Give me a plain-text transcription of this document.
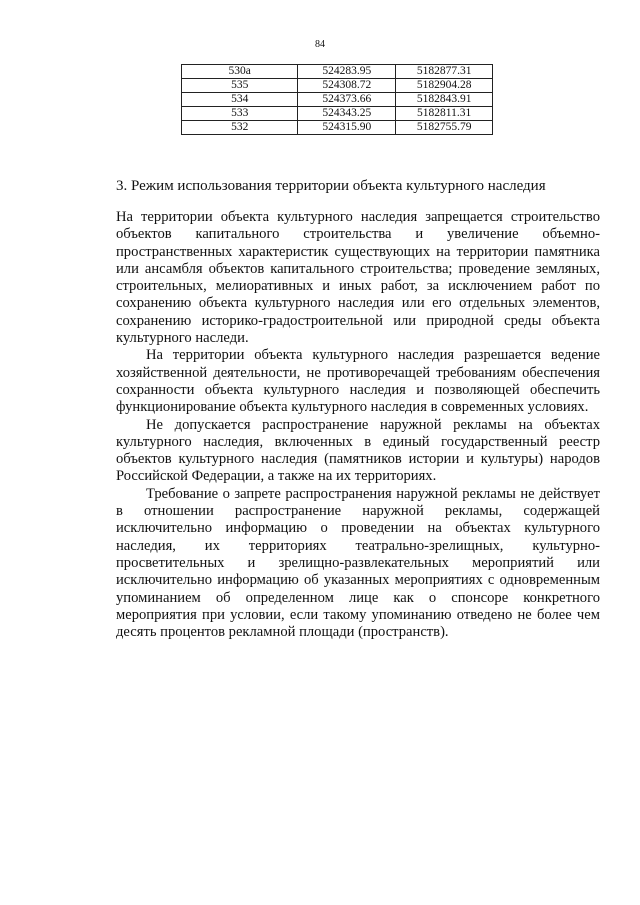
84
530а	524283.95	5182877.31
535	524308.72	5182904.28
534	524373.66	5182843.91
533	524343.25	5182811.31
532	524315.90	5182755.79
3. Режим использования территории объекта культурного наследия

На территории объекта культурного наследия запрещается строительство объектов капитального строительства и увеличение объемно-пространственных характеристик существующих на территории памятника или ансамбля объектов капитального строительства; проведение земляных, строительных, мелиоративных и иных работ, за исключением работ по сохранению объекта культурного наследия или его отдельных элементов, сохранению историко-градостроительной или природной среды объекта культурного наследи.

На территории объекта культурного наследия разрешается ведение хозяйственной деятельности, не противоречащей требованиям обеспечения сохранности объекта культурного наследия и позволяющей обеспечить функционирование объекта культурного наследия в современных условиях.

Не допускается распространение наружной рекламы на объектах культурного наследия, включенных в единый государственный реестр объектов культурного наследия (памятников истории и культуры) народов Российской Федерации, а также на их территориях.

Требование о запрете распространения наружной рекламы не действует в отношении распространение наружной рекламы, содержащей исключительно информацию о проведении на объектах культурного наследия, их территориях театрально-зрелищных, культурно-просветительных и зрелищно-развлекательных мероприятий или исключительно информацию об указанных мероприятиях с одновременным упоминанием об определенном лице как о спонсоре конкретного мероприятия при условии, если такому упоминанию отведено не более чем десять процентов рекламной площади (пространств).
